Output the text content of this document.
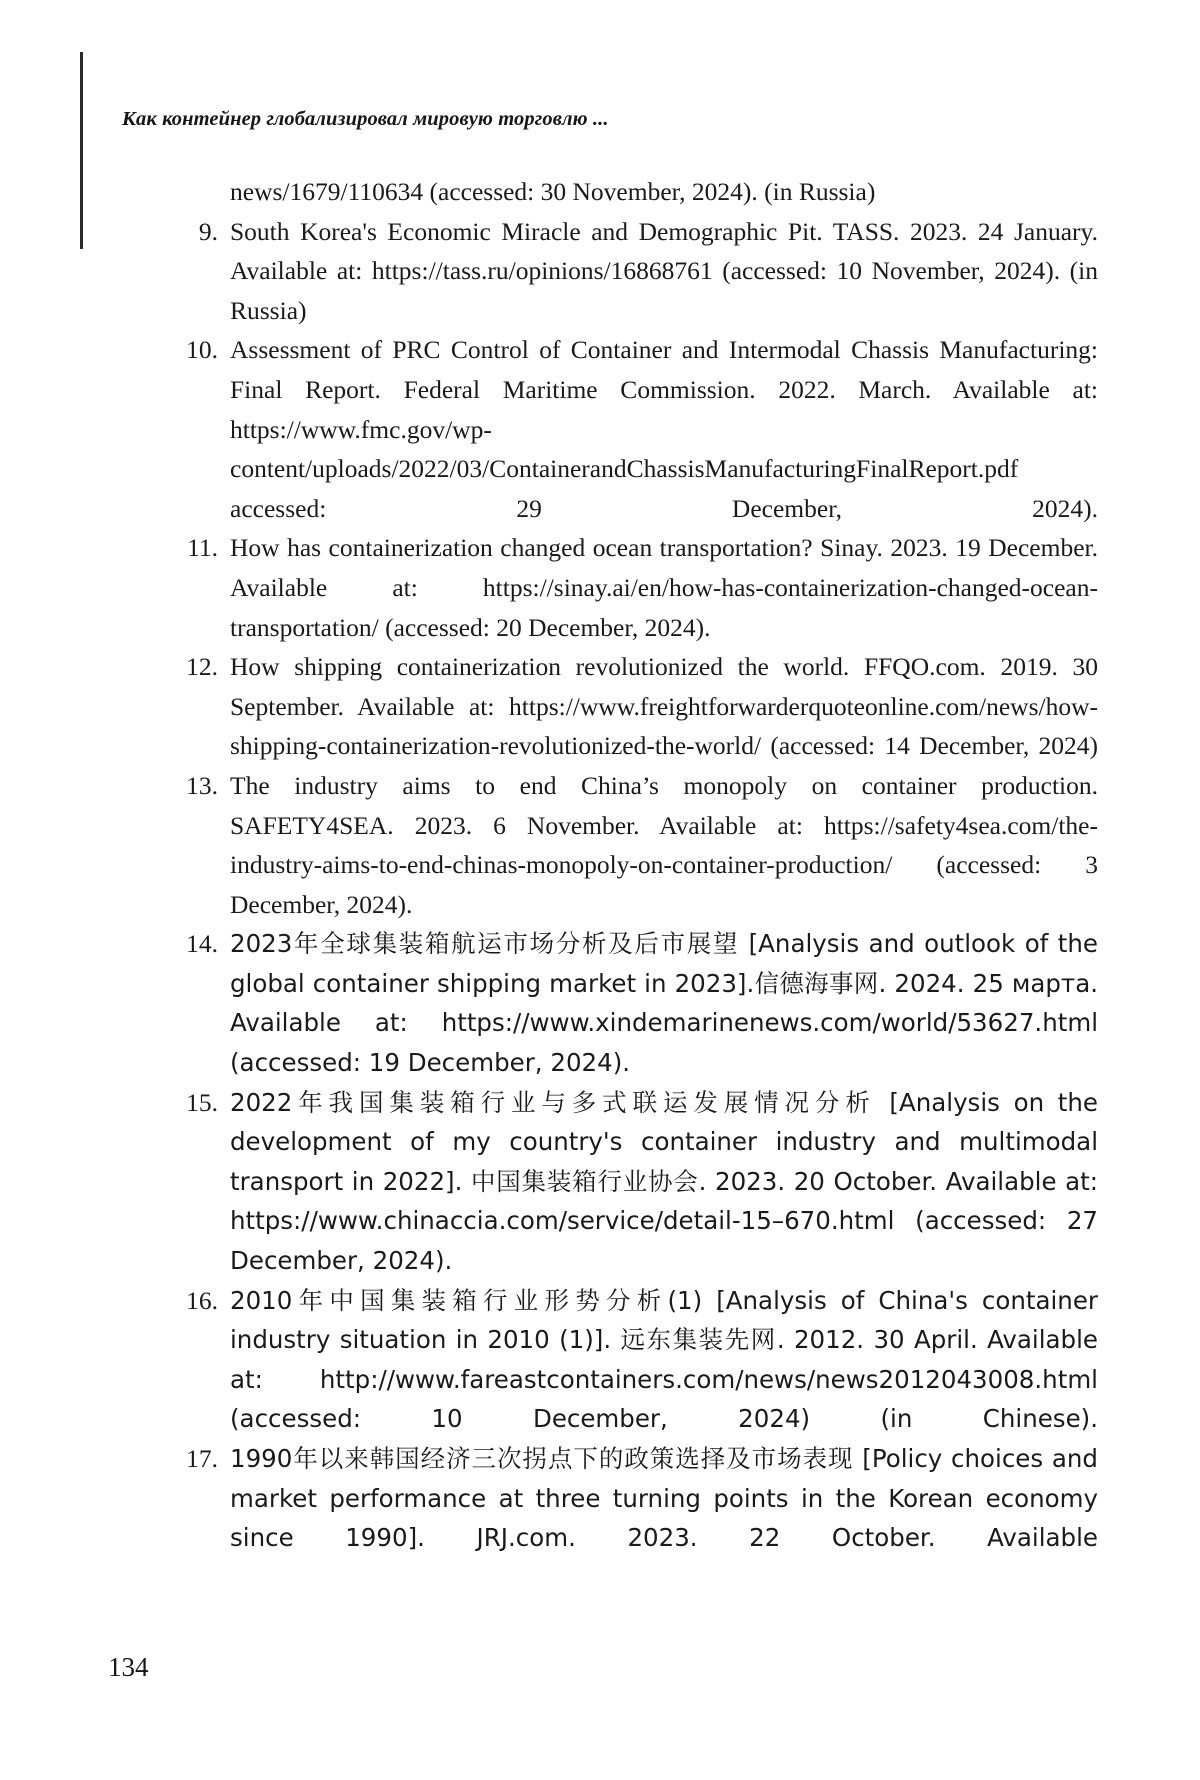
Как контейнер глобализировал мировую торговлю ...
news/1679/110634 (accessed: 30 November, 2024). (in Russia)
9. South Korea's Economic Miracle and Demographic Pit. TASS. 2023. 24 January. Available at: https://tass.ru/opinions/16868761 (accessed: 10 November, 2024). (in Russia)
10. Assessment of PRC Control of Container and Intermodal Chassis Manufacturing: Final Report. Federal Maritime Commission. 2022. March. Available at: https://www.fmc.gov/wp-content/uploads/2022/03/ContainerandChassisManufacturingFinalReport.pdf accessed: 29 December, 2024).
11. How has containerization changed ocean transportation? Sinay. 2023. 19 December. Available at: https://sinay.ai/en/how-has-containerization-changed-ocean-transportation/ (accessed: 20 December, 2024).
12. How shipping containerization revolutionized the world. FFQO.com. 2019. 30 September. Available at: https://www.freightforwarderquoteonline.com/news/how-shipping-containerization-revolutionized-the-world/ (accessed: 14 December, 2024)
13. The industry aims to end China’s monopoly on container production. SAFETY4SEA. 2023. 6 November. Available at: https://safety4sea.com/the-industry-aims-to-end-chinas-monopoly-on-container-production/ (accessed: 3 December, 2024).
14. 2023年全球集装箱航运市场分析及后市展望 [Analysis and outlook of the global container shipping market in 2023].信德海事网. 2024. 25 марта. Available at: https://www.xindemarinenews.com/world/53627.html (accessed: 19 December, 2024).
15. 2022年我国集装箱行业与多式联运发展情况分析 [Analysis on the development of my country's container industry and multimodal transport in 2022]. 中国集装箱行业协会. 2023. 20 October. Available at: https://www.chinaccia.com/service/detail-15–670.html (accessed: 27 December, 2024).
16. 2010年中国集装箱行业形势分析(1) [Analysis of China's container industry situation in 2010 (1)]. 远东集装先网. 2012. 30 April. Available at: http://www.fareastcontainers.com/news/news2012043008.html (accessed: 10 December, 2024) (in Chinese).
17. 1990年以来韩国经济三次拐点下的政策选择及市场表现 [Policy choices and market performance at three turning points in the Korean economy since 1990]. JRJ.com. 2023. 22 October. Available
134
